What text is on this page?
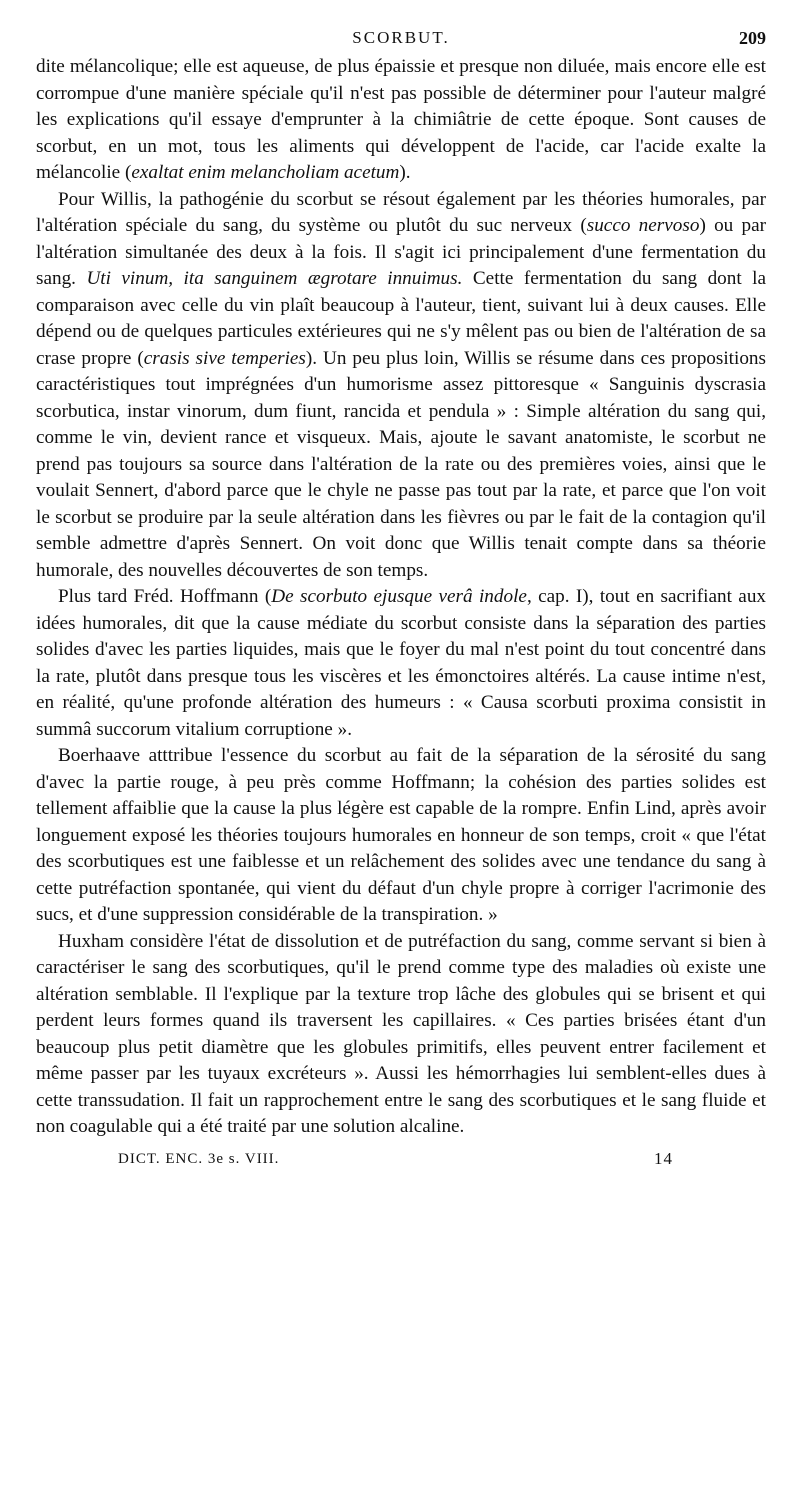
SCORBUT.	209

dite mélancolique; elle est aqueuse, de plus épaissie et presque non diluée, mais encore elle est corrompue d'une manière spéciale qu'il n'est pas possible de déterminer pour l'auteur malgré les explications qu'il essaye d'emprunter à la chimiâtrie de cette époque. Sont causes de scorbut, en un mot, tous les aliments qui développent de l'acide, car l'acide exalte la mélancolie (exaltat enim melancholiam acetum).

Pour Willis, la pathogénie du scorbut se résout également par les théories humorales, par l'altération spéciale du sang, du système ou plutôt du suc nerveux (succo nervoso) ou par l'altération simultanée des deux à la fois. Il s'agit ici principalement d'une fermentation du sang. Uti vinum, ita sanguinem ægrotare innuimus. Cette fermentation du sang dont la comparaison avec celle du vin plaît beaucoup à l'auteur, tient, suivant lui à deux causes. Elle dépend ou de quelques particules extérieures qui ne s'y mêlent pas ou bien de l'altération de sa crase propre (crasis sive temperies). Un peu plus loin, Willis se résume dans ces propositions caractéristiques tout imprégnées d'un humorisme assez pittoresque « Sanguinis dyscrasia scorbutica, instar vinorum, dum fiunt, rancida et pendula » : Simple altération du sang qui, comme le vin, devient rance et visqueux. Mais, ajoute le savant anatomiste, le scorbut ne prend pas toujours sa source dans l'altération de la rate ou des premières voies, ainsi que le voulait Sennert, d'abord parce que le chyle ne passe pas tout par la rate, et parce que l'on voit le scorbut se produire par la seule altération dans les fièvres ou par le fait de la contagion qu'il semble admettre d'après Sennert. On voit donc que Willis tenait compte dans sa théorie humorale, des nouvelles découvertes de son temps.

Plus tard Fréd. Hoffmann (De scorbuto ejusque verâ indole, cap. I), tout en sacrifiant aux idées humorales, dit que la cause médiate du scorbut consiste dans la séparation des parties solides d'avec les parties liquides, mais que le foyer du mal n'est point du tout concentré dans la rate, plutôt dans presque tous les viscères et les émonctoires altérés. La cause intime n'est, en réalité, qu'une profonde altération des humeurs : « Causa scorbuti proxima consistit in summâ succorum vitalium corruptione ».

Boerhaave atttribue l'essence du scorbut au fait de la séparation de la sérosité du sang d'avec la partie rouge, à peu près comme Hoffmann; la cohésion des parties solides est tellement affaiblie que la cause la plus légère est capable de la rompre. Enfin Lind, après avoir longuement exposé les théories toujours humorales en honneur de son temps, croit « que l'état des scorbutiques est une faiblesse et un relâchement des solides avec une tendance du sang à cette putréfaction spontanée, qui vient du défaut d'un chyle propre à corriger l'acrimonie des sucs, et d'une suppression considérable de la transpiration. »

Huxham considère l'état de dissolution et de putréfaction du sang, comme servant si bien à caractériser le sang des scorbutiques, qu'il le prend comme type des maladies où existe une altération semblable. Il l'explique par la texture trop lâche des globules qui se brisent et qui perdent leurs formes quand ils traversent les capillaires. « Ces parties brisées étant d'un beaucoup plus petit diamètre que les globules primitifs, elles peuvent entrer facilement et même passer par les tuyaux excréteurs ». Aussi les hémorrhagies lui semblent-elles dues à cette transsudation. Il fait un rapprochement entre le sang des scorbutiques et le sang fluide et non coagulable qui a été traité par une solution alcaline.

DICT. ENC. 3e s. VIII.	14
